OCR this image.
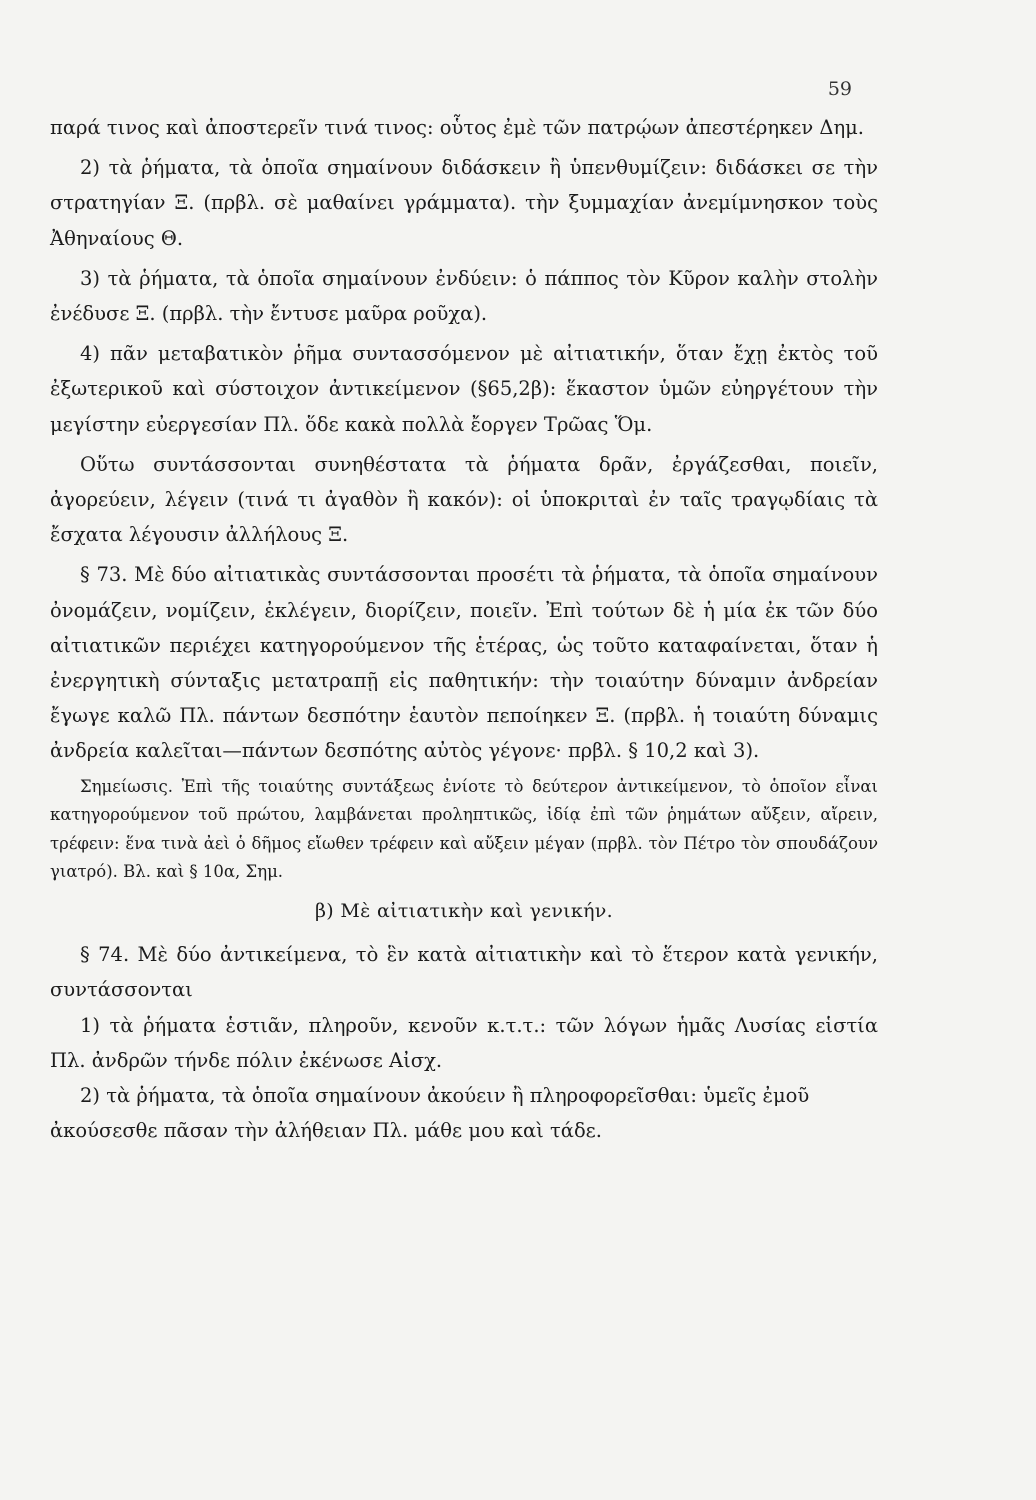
59

παρά τινος καὶ ἀποστερεῖν τινά τινος: οὗτος ἐμὲ τῶν πατρῴων ἀπεστέρηκεν Δημ.

2) τὰ ῥήματα, τὰ ὁποῖα σημαίνουν διδάσκειν ἢ ὑπενθυμίζειν: διδάσκει σε τὴν στρατηγίαν Ξ. (πρβλ. σὲ μαθαίνει γράμματα). τὴν ξυμμαχίαν ἀνεμίμνησκον τοὺς Ἀθηναίους Θ.

3) τὰ ῥήματα, τὰ ὁποῖα σημαίνουν ἐνδύειν: ὁ πάππος τὸν Κῦρον καλὴν στολὴν ἐνέδυσε Ξ. (πρβλ. τὴν ἔντυσε μαῦρα ροῦχα).

4) πᾶν μεταβατικὸν ῥῆμα συντασσόμενον μὲ αἰτιατικήν, ὅταν ἔχῃ ἐκτὸς τοῦ ἐξωτερικοῦ καὶ σύστοιχον ἀντικείμενον (§65,2β): ἕκαστον ὑμῶν εὐηργέτουν τὴν μεγίστην εὐεργεσίαν Πλ. ὅδε κακὰ πολλὰ ἔοργεν Τρῶας Ὅμ.

Οὕτω συντάσσονται συνηθέστατα τὰ ῥήματα δρᾶν, ἐργάζεσθαι, ποιεῖν, ἀγορεύειν, λέγειν (τινά τι ἀγαθὸν ἢ κακόν): οἱ ὑποκριταὶ ἐν ταῖς τραγῳδίαις τὰ ἔσχατα λέγουσιν ἀλλήλους Ξ.

§ 73. Μὲ δύο αἰτιατικὰς συντάσσονται προσέτι τὰ ῥήματα, τὰ ὁποῖα σημαίνουν ὀνομάζειν, νομίζειν, ἐκλέγειν, διορίζειν, ποιεῖν. Ἐπὶ τούτων δὲ ἡ μία ἐκ τῶν δύο αἰτιατικῶν περιέχει κατηγορούμενον τῆς ἑτέρας, ὡς τοῦτο καταφαίνεται, ὅταν ἡ ἐνεργητικὴ σύνταξις μετατραπῇ εἰς παθητικήν: τὴν τοιαύτην δύναμιν ἀνδρείαν ἔγωγε καλῶ Πλ. πάντων δεσπότην ἑαυτὸν πεποίηκεν Ξ. (πρβλ. ἡ τοιαύτη δύναμις ἀνδρεία καλεῖται—πάντων δεσπότης αὐτὸς γέγονε· πρβλ. § 10,2 καὶ 3).

Σημείωσις. Ἐπὶ τῆς τοιαύτης συντάξεως ἐνίοτε τὸ δεύτερον ἀντικείμενον, τὸ ὁποῖον εἶναι κατηγορούμενον τοῦ πρώτου, λαμβάνεται προληπτικῶς, ἰδίᾳ ἐπὶ τῶν ῥημάτων αὔξειν, αἴρειν, τρέφειν: ἕνα τινὰ ἀεὶ ὁ δῆμος εἴωθεν τρέφειν καὶ αὔξειν μέγαν (πρβλ. τὸν Πέτρο τὸν σπουδάζουν γιατρό). Βλ. καὶ § 10α, Σημ.

β) Μὲ αἰτιατικὴν καὶ γενικήν.

§ 74. Μὲ δύο ἀντικείμενα, τὸ ἓν κατὰ αἰτιατικὴν καὶ τὸ ἕτερον κατὰ γενικήν, συντάσσονται

1) τὰ ῥήματα ἑστιᾶν, πληροῦν, κενοῦν κ.τ.τ.: τῶν λόγων ἡμᾶς Λυσίας εἱστία Πλ. ἀνδρῶν τήνδε πόλιν ἐκένωσε Αἰσχ.

2) τὰ ῥήματα, τὰ ὁποῖα σημαίνουν ἀκούειν ἢ πληροφορεῖσθαι: ὑμεῖς ἐμοῦ ἀκούσεσθε πᾶσαν τὴν ἀλήθειαν Πλ. μάθε μου καὶ τάδε.
